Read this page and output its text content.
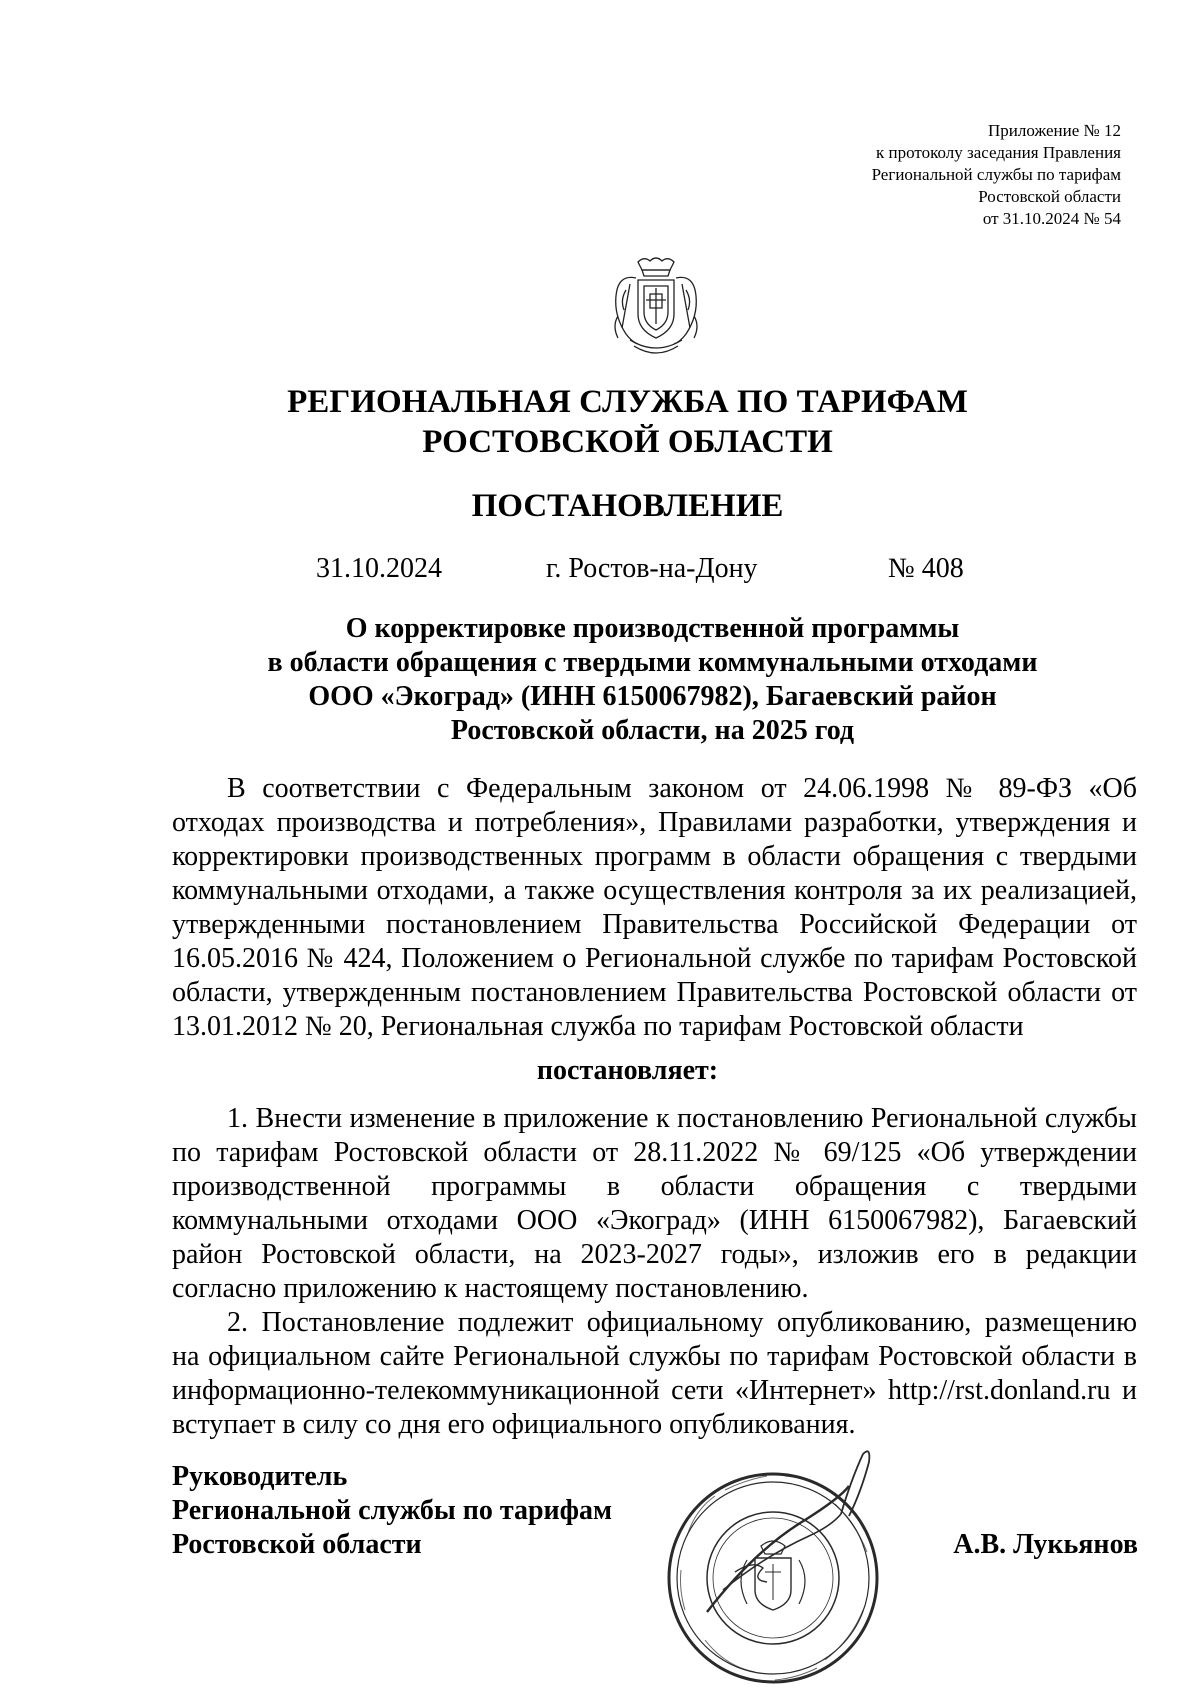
Приложение № 12
к протоколу заседания Правления
Региональной службы по тарифам
Ростовской области
от 31.10.2024 № 54
РЕГИОНАЛЬНАЯ СЛУЖБА ПО ТАРИФАМ
РОСТОВСКОЙ ОБЛАСТИ
ПОСТАНОВЛЕНИЕ
31.10.2024	г. Ростов-на-Дону	№ 408
О корректировке производственной программы
в области обращения с твердыми коммунальными отходами
ООО «Экоград» (ИНН 6150067982), Багаевский район
Ростовской области, на 2025 год

В соответствии с Федеральным законом от 24.06.1998 № 89-ФЗ «Об отходах производства и потребления», Правилами разработки, утверждения и корректировки производственных программ в области обращения с твердыми коммунальными отходами, а также осуществления контроля за их реализацией, утвержденными постановлением Правительства Российской Федерации от 16.05.2016 № 424, Положением о Региональной службе по тарифам Ростовской области, утвержденным постановлением Правительства Ростовской области от 13.01.2012 № 20, Региональная служба по тарифам Ростовской области

постановляет:

1. Внести изменение в приложение к постановлению Региональной службы по тарифам Ростовской области от 28.11.2022 № 69/125 «Об утверждении производственной программы в области обращения с твердыми коммунальными отходами ООО «Экоград» (ИНН 6150067982), Багаевский район Ростовской области, на 2023-2027 годы», изложив его в редакции согласно приложению к настоящему постановлению.

2. Постановление подлежит официальному опубликованию, размещению на официальном сайте Региональной службы по тарифам Ростовской области в информационно-телекоммуникационной сети «Интернет» http://rst.donland.ru и вступает в силу со дня его официального опубликования.

Руководитель
Региональной службы по тарифам
Ростовской области	А.В. Лукьянов
